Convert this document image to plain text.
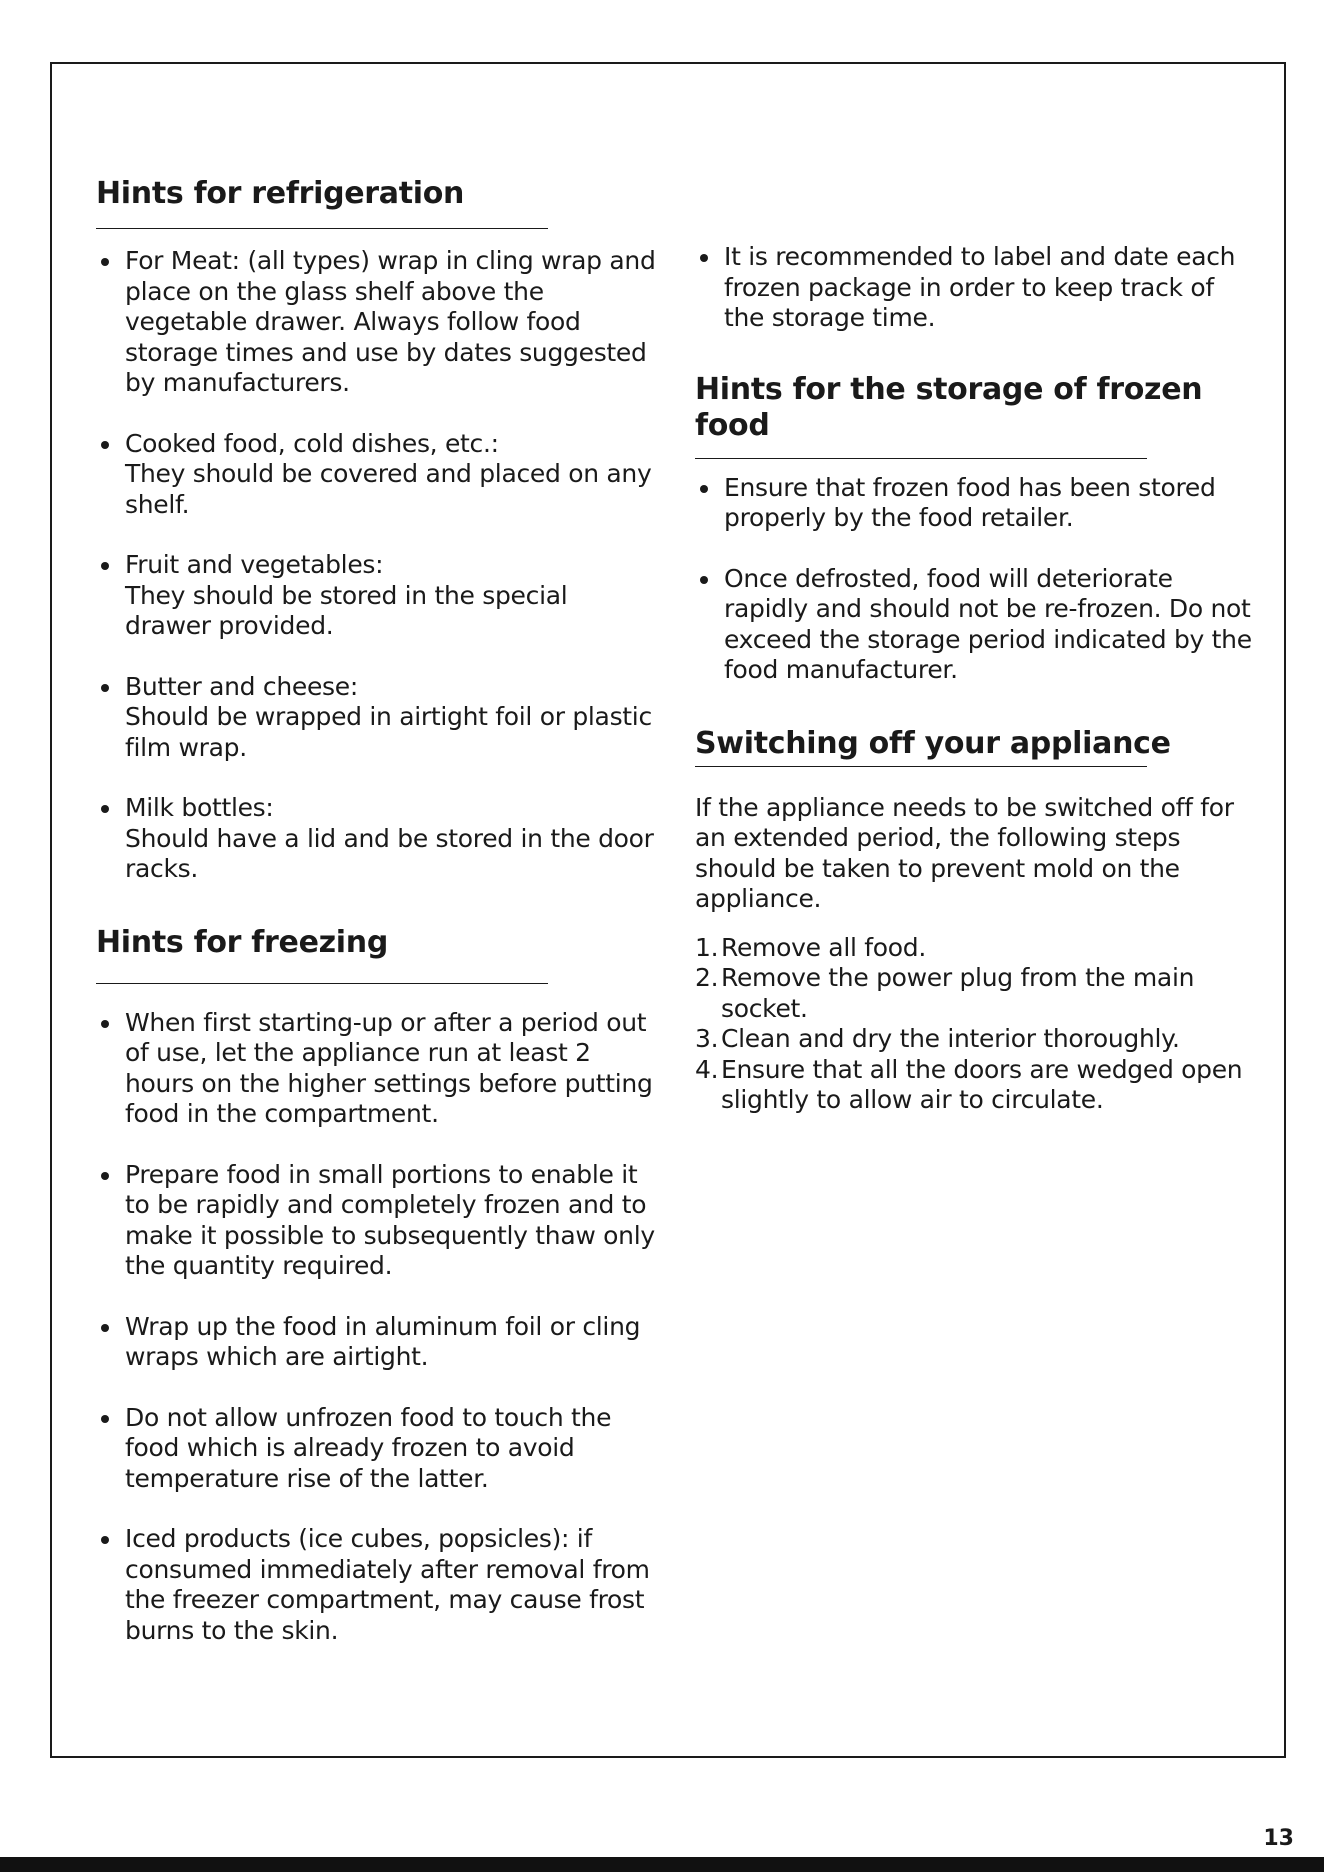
Hints for refrigeration
For Meat: (all types) wrap in cling wrap and place on the glass shelf above the vegetable drawer. Always follow food storage times and use by dates suggested by manufacturers.
Cooked food, cold dishes, etc.:
They should be covered and placed on any shelf.
Fruit and vegetables:
They should be stored in the special drawer provided.
Butter and cheese:
Should be wrapped in airtight foil or plastic film wrap.
Milk bottles:
Should have a lid and be stored in the door racks.
Hints for freezing
When first starting-up or after a period out of use, let the appliance run at least 2 hours on the higher settings before putting food in the compartment.
Prepare food in small portions to enable it to be rapidly and completely frozen and to make it possible to subsequently thaw only the quantity required.
Wrap up the food in aluminum foil or cling wraps which are airtight.
Do not allow unfrozen food to touch the food which is already frozen to avoid temperature rise of the latter.
Iced products (ice cubes, popsicles): if consumed immediately after removal from the freezer compartment, may cause frost burns to the skin.
It is recommended to label and date each frozen package in order to keep track of the storage time.
Hints for the storage of frozen food
Ensure that frozen food has been stored properly by the food retailer.
Once defrosted, food will deteriorate rapidly and should not be re-frozen. Do not exceed the storage period indicated by the food manufacturer.
Switching off your appliance

If the appliance needs to be switched off for an extended period, the following steps should be taken to prevent mold on the appliance.

1. Remove all food.
2. Remove the power plug from the main socket.
3. Clean and dry the interior thoroughly.
4. Ensure that all the doors are wedged open slightly to allow air to circulate.
13
